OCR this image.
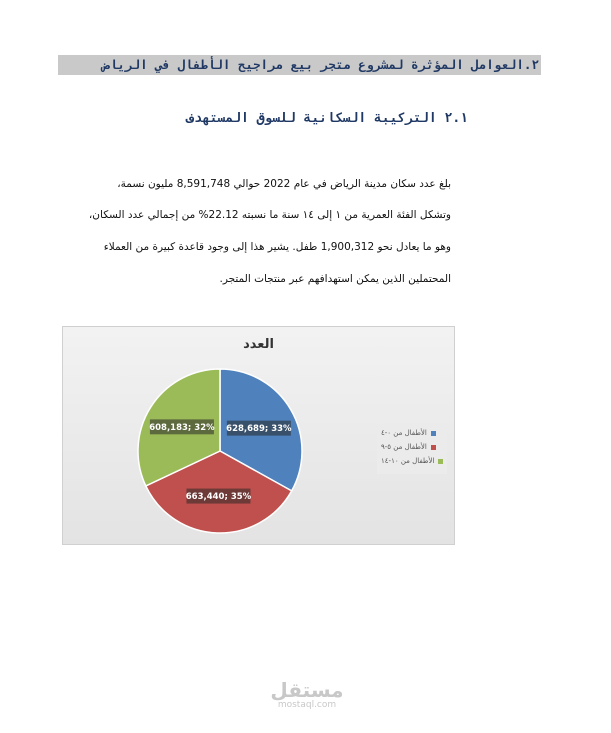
٢.العوامل المؤثرة لمشروع متجر بيع مراجيح الأطفال في الرياض
٢.١ التركيبة السكانية للسوق المستهدف
بلغ عدد سكان مدينة الرياض في عام 2022 حوالي 8,591,748 مليون نسمة،
وتشكل الفئة العمرية من ١ إلى ١٤ سنة ما نسبته 22.12% من إجمالي عدد السكان،
وهو ما يعادل نحو 1,900,312 طفل. يشير هذا إلى وجود قاعدة كبيرة من العملاء
المحتملين الذين يمكن استهدافهم عبر منتجات المتجر.
العدد
628,689; 33%
663,440; 35%
608,183; 32%
الأطفال من ٠-٤
الأطفال من ٥-٩
الأطفال من ١٠-١٤
مستقل
mostaql.com
